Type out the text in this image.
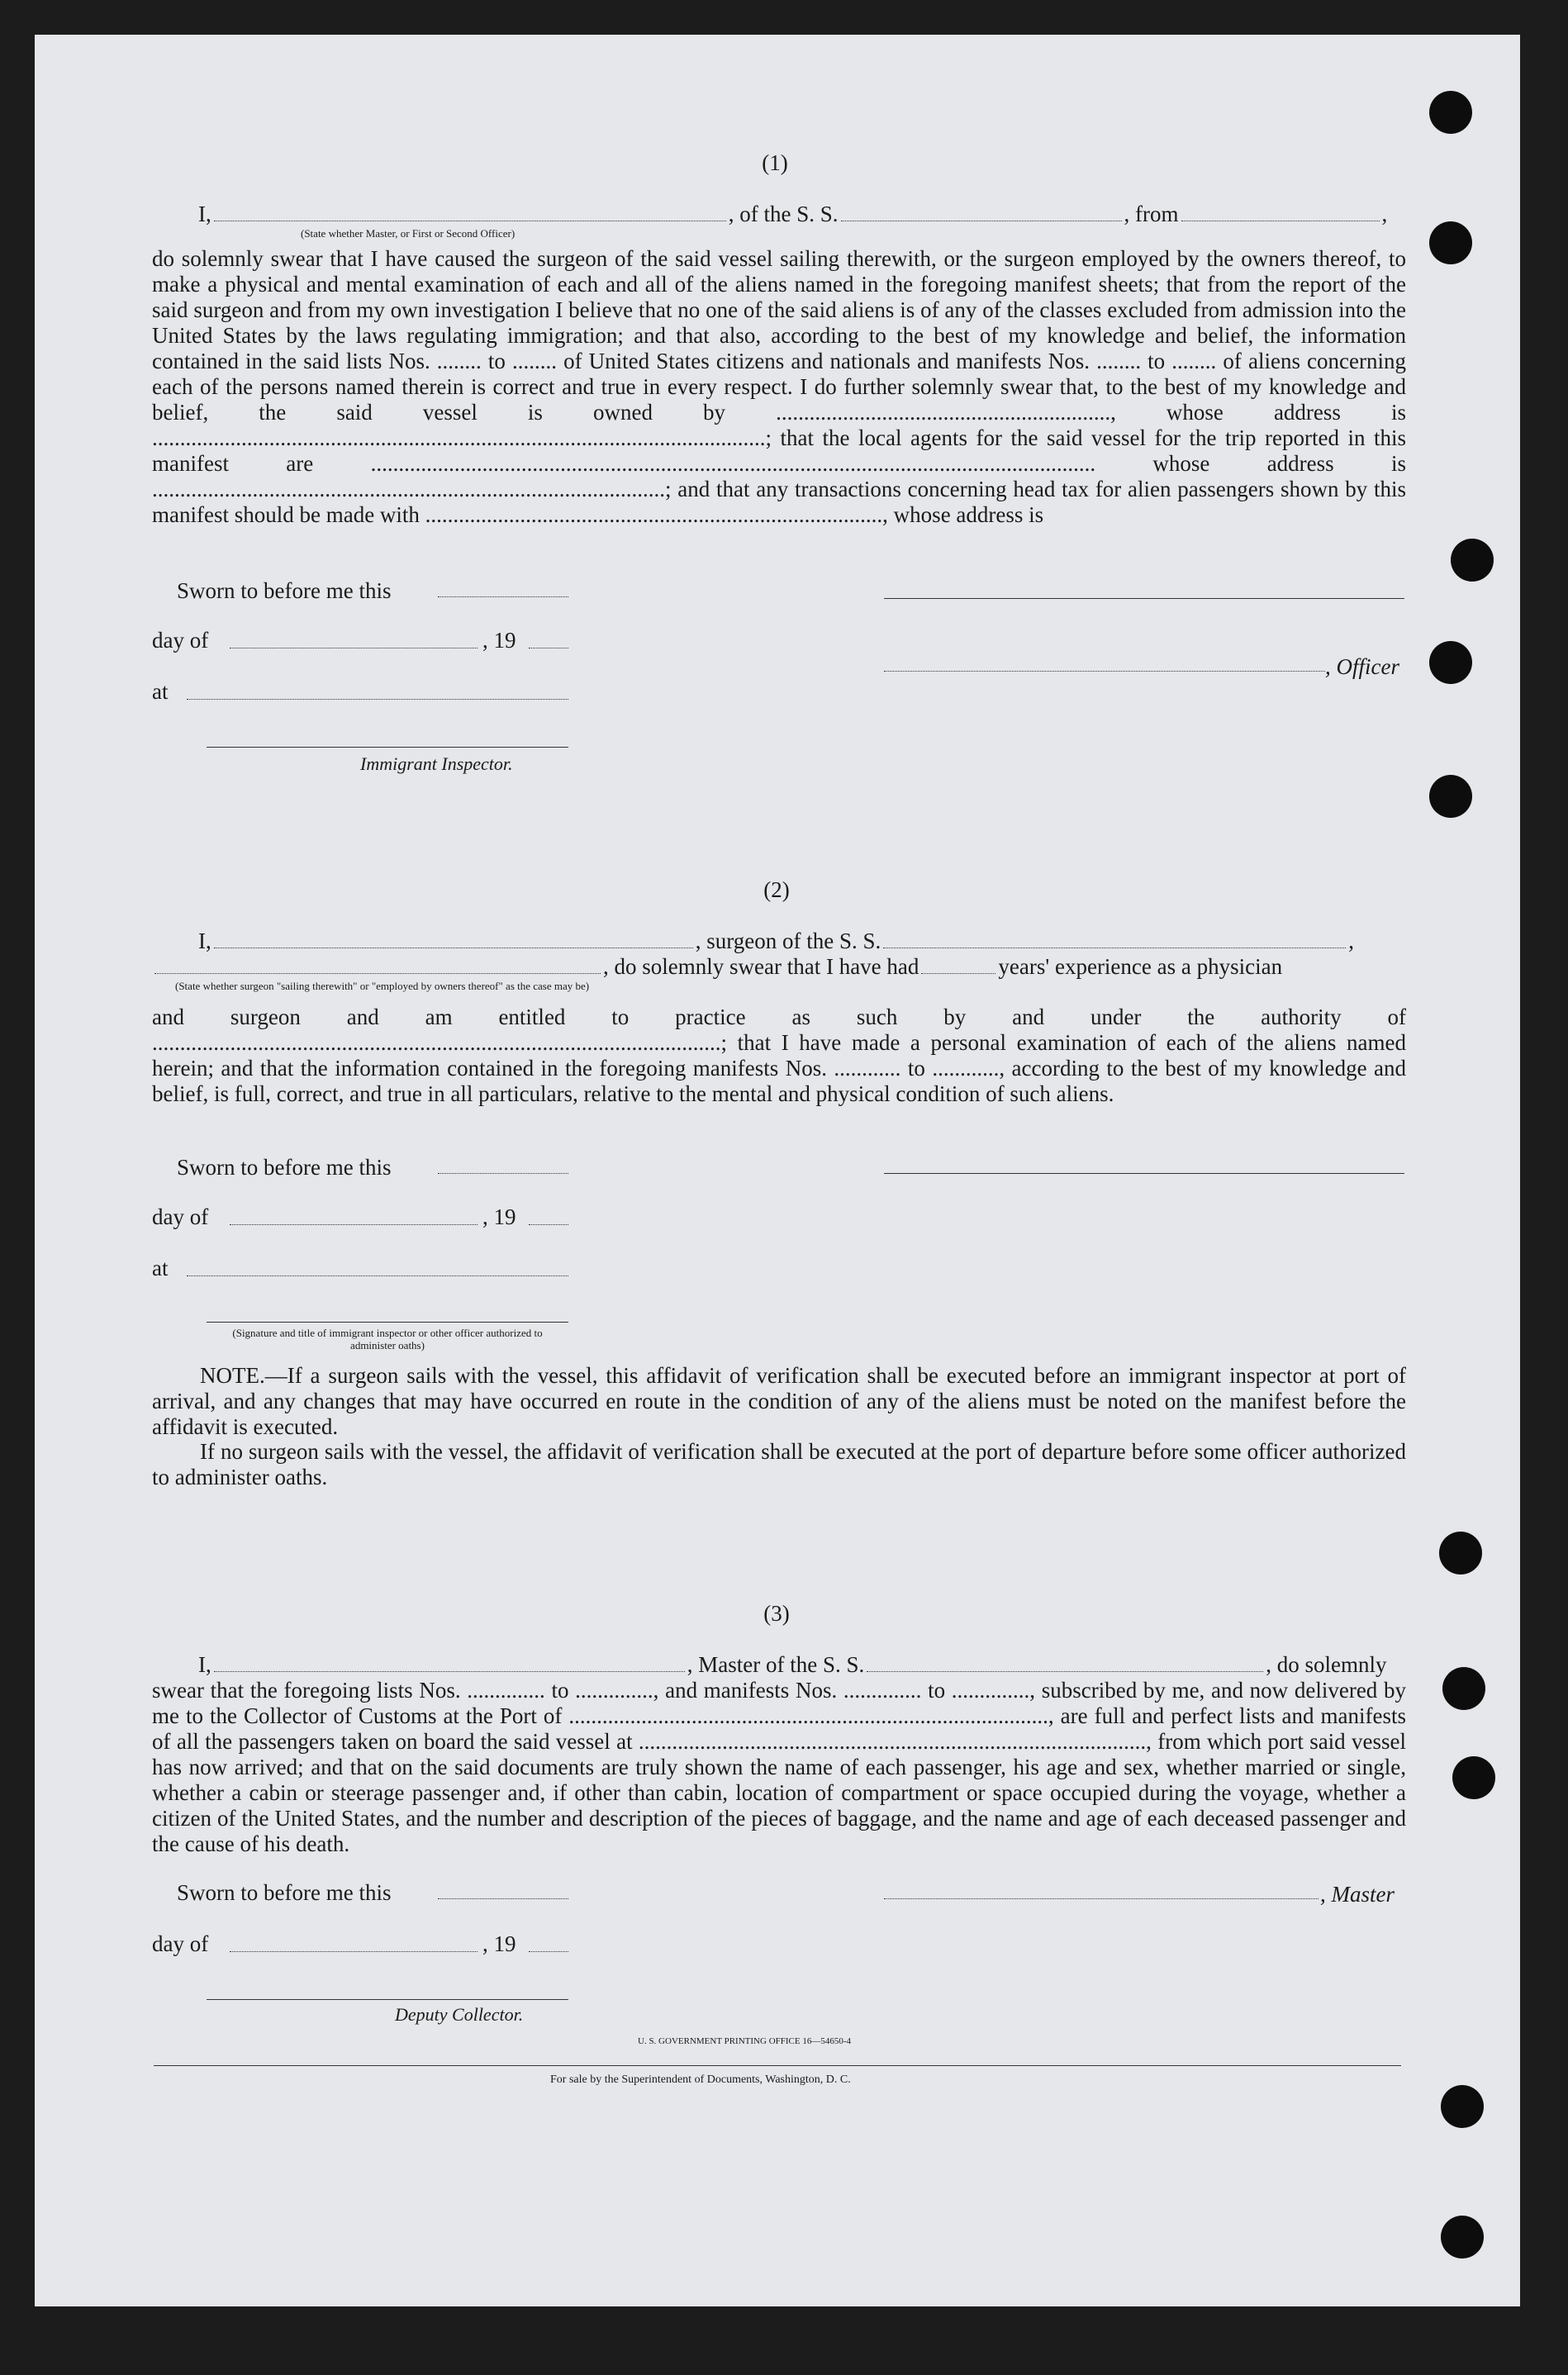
(1)
I,	, of the S. S.	, from	,
(State whether Master, or First or Second Officer)
do solemnly swear that I have caused the surgeon of the said vessel sailing therewith, or the surgeon employed by the owners thereof, to make a physical and mental examination of each and all of the aliens named in the foregoing manifest sheets; that from the report of the said surgeon and from my own investigation I believe that no one of the said aliens is of any of the classes excluded from admission into the United States by the laws regulating immigration; and that also, according to the best of my knowledge and belief, the information contained in the said lists Nos. ........ to ........ of United States citizens and nationals and manifests Nos. ........ to ........ of aliens concerning each of the persons named therein is correct and true in every respect. I do further solemnly swear that, to the best of my knowledge and belief, the said vessel is owned by ............................................................, whose address is ..............................................................................................................; that the local agents for the said vessel for the trip reported in this manifest are .................................................................................................................................. whose address is ............................................................................................; and that any transactions concerning head tax for alien passengers shown by this manifest should be made with .................................................................................., whose address is
Sworn to before me this
day of	, 19
at
Immigrant Inspector.
, Officer
(2)
I,	, surgeon of the S. S.	,
, do solemnly swear that I have had	years' experience as a physician
(State whether surgeon "sailing therewith" or "employed by owners thereof" as the case may be)
and surgeon and am entitled to practice as such by and under the authority of ......................................................................................................; that I have made a personal examination of each of the aliens named herein; and that the information contained in the foregoing manifests Nos. ............ to ............, according to the best of my knowledge and belief, is full, correct, and true in all particulars, relative to the mental and physical condition of such aliens.
Sworn to before me this
day of	, 19
at
(Signature and title of immigrant inspector or other officer authorized to administer oaths)
NOTE.—If a surgeon sails with the vessel, this affidavit of verification shall be executed before an immigrant inspector at port of arrival, and any changes that may have occurred en route in the condition of any of the aliens must be noted on the manifest before the affidavit is executed.
If no surgeon sails with the vessel, the affidavit of verification shall be executed at the port of departure before some officer authorized to administer oaths.
(3)
I,	, Master of the S. S.	, do solemnly
swear that the foregoing lists Nos. .............. to .............., and manifests Nos. .............. to .............., subscribed by me, and now delivered by me to the Collector of Customs at the Port of ......................................................................................, are full and perfect lists and manifests of all the passengers taken on board the said vessel at ..........................................................................................., from which port said vessel has now arrived; and that on the said documents are truly shown the name of each passenger, his age and sex, whether married or single, whether a cabin or steerage passenger and, if other than cabin, location of compartment or space occupied during the voyage, whether a citizen of the United States, and the number and description of the pieces of baggage, and the name and age of each deceased passenger and the cause of his death.
Sworn to before me this	, Master
day of	, 19
Deputy Collector.
U. S. GOVERNMENT PRINTING OFFICE 16—54650-4
For sale by the Superintendent of Documents, Washington, D. C.
